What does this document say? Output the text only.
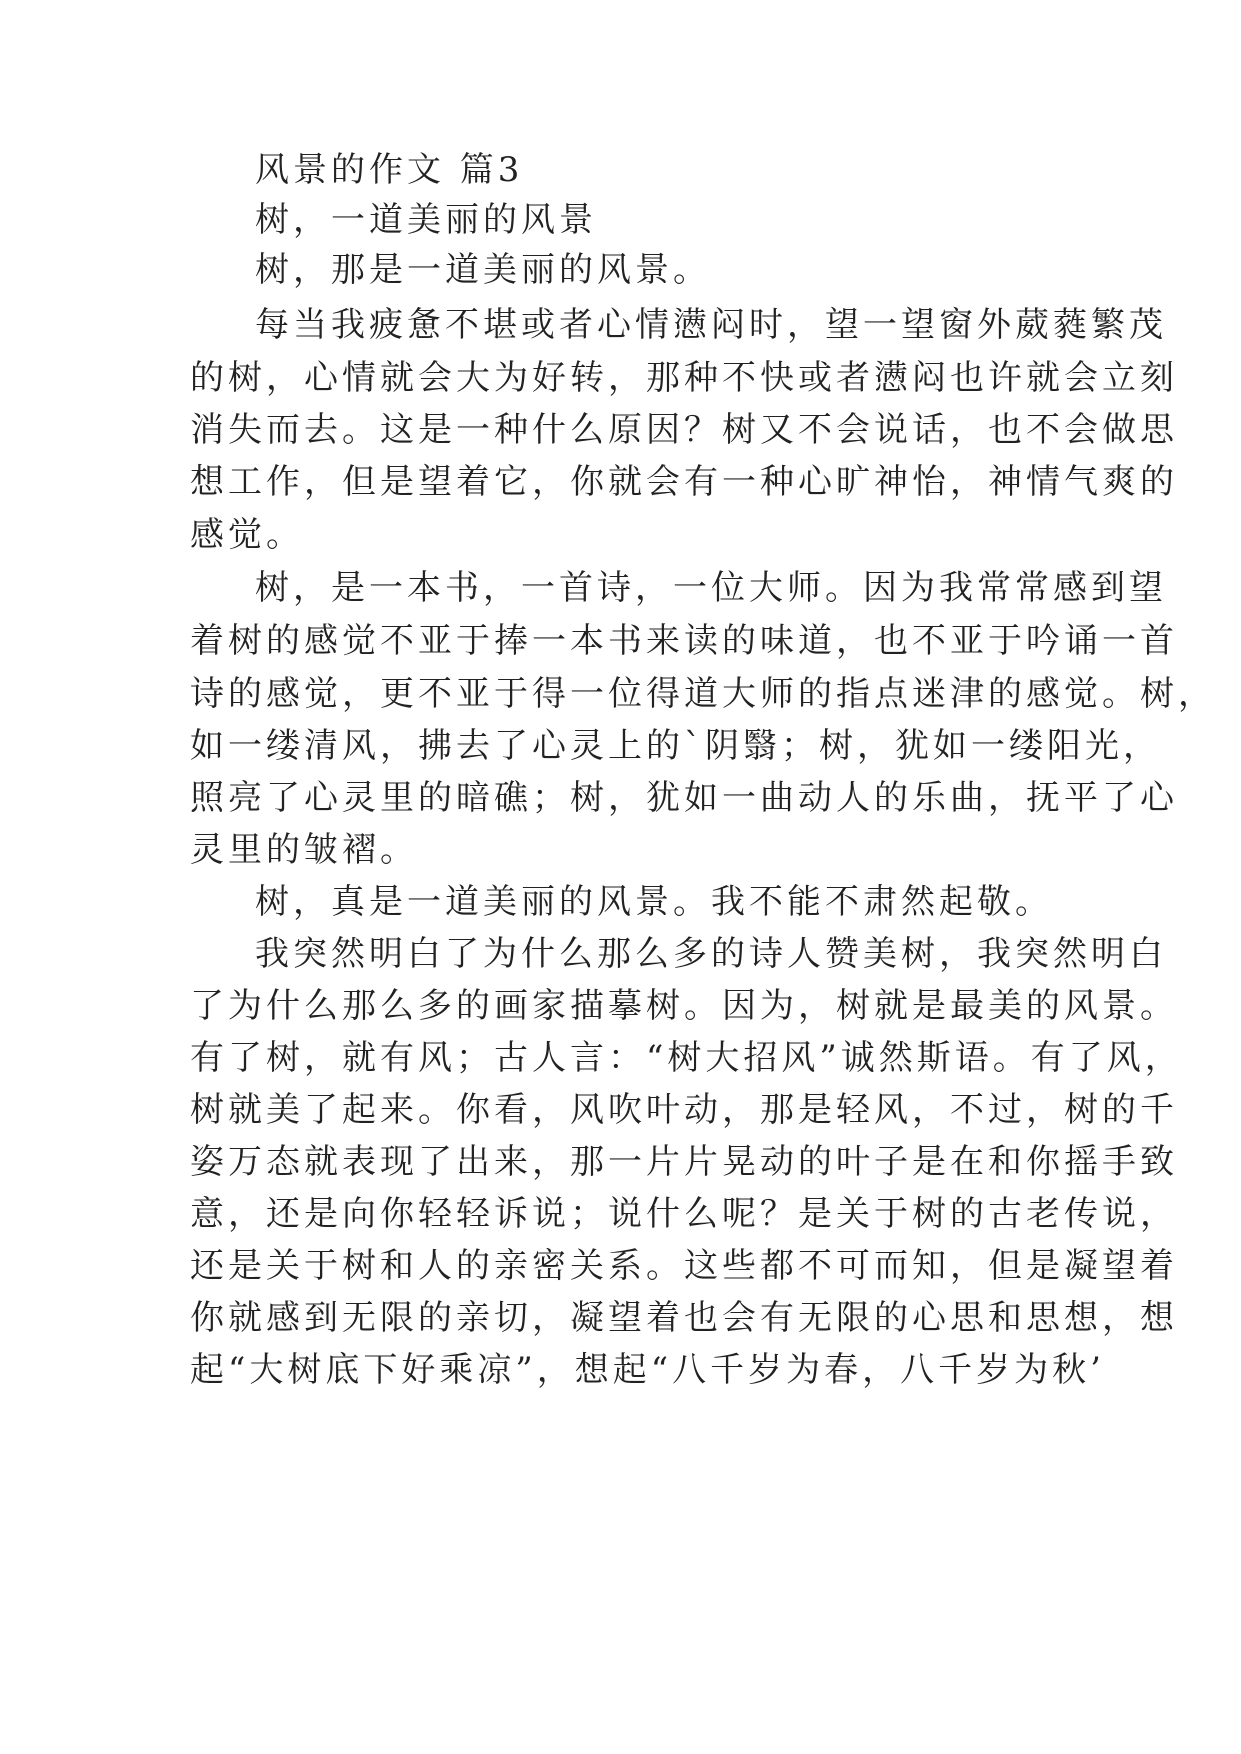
风景的作文 篇3
树，一道美丽的风景
树，那是一道美丽的风景。
每当我疲惫不堪或者心情懑闷时，望一望窗外葳蕤繁茂
的树，心情就会大为好转，那种不快或者懑闷也许就会立刻
消失而去。这是一种什么原因？树又不会说话，也不会做思
想工作，但是望着它，你就会有一种心旷神怡，神情气爽的
感觉。
树，是一本书，一首诗，一位大师。因为我常常感到望
着树的感觉不亚于捧一本书来读的味道，也不亚于吟诵一首
诗的感觉，更不亚于得一位得道大师的指点迷津的感觉。树，
如一缕清风，拂去了心灵上的`阴翳；树，犹如一缕阳光，
照亮了心灵里的暗礁；树，犹如一曲动人的乐曲，抚平了心
灵里的皱褶。
树，真是一道美丽的风景。我不能不肃然起敬。
我突然明白了为什么那么多的诗人赞美树，我突然明白
了为什么那么多的画家描摹树。因为，树就是最美的风景。
有了树，就有风；古人言：“树大招风”诚然斯语。有了风，
树就美了起来。你看，风吹叶动，那是轻风，不过，树的千
姿万态就表现了出来，那一片片晃动的叶子是在和你摇手致
意，还是向你轻轻诉说；说什么呢？是关于树的古老传说，
还是关于树和人的亲密关系。这些都不可而知，但是凝望着
你就感到无限的亲切，凝望着也会有无限的心思和思想，想
起“大树底下好乘凉”，想起“八千岁为春，八千岁为秋’
